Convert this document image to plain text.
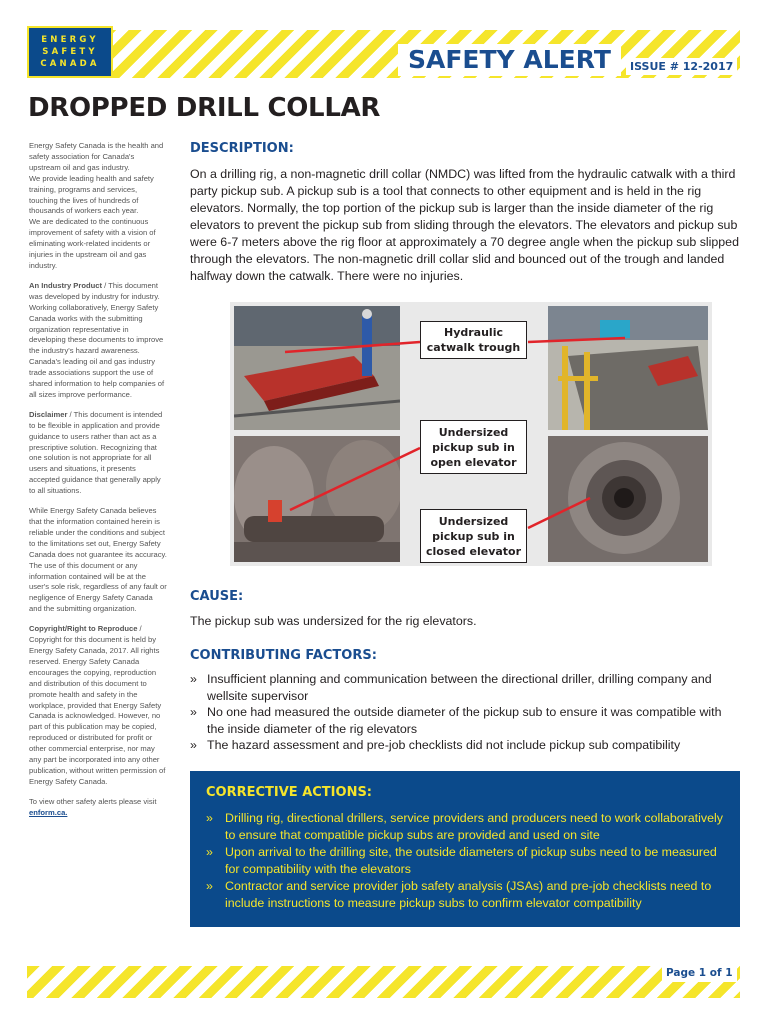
ENERGY
SAFETY
CANADA	SAFETY ALERT	ISSUE # 12-2017
DROPPED DRILL COLLAR

Energy Safety Canada is the health and safety association for Canada's upstream oil and gas industry.

We provide leading health and safety training, programs and services, touching the lives of hundreds of thousands of workers each year.

We are dedicated to the continuous improvement of safety with a vision of eliminating work-related incidents or injuries in the upstream oil and gas industry.

An Industry Product / This document was developed by industry for industry. Working collaboratively, Energy Safety Canada works with the submitting organization representative in developing these documents to improve the industry's hazard awareness. Canada's leading oil and gas industry trade associations support the use of shared information to help companies of all sizes improve performance.

Disclaimer / This document is intended to be flexible in application and provide guidance to users rather than act as a prescriptive solution. Recognizing that one solution is not appropriate for all users and situations, it presents accepted guidance that generally apply to all situations.

While Energy Safety Canada believes that the information contained herein is reliable under the conditions and subject to the limitations set out, Energy Safety Canada does not guarantee its accuracy. The use of this document or any information contained will be at the user's sole risk, regardless of any fault or negligence of Energy Safety Canada and the submitting organization.

Copyright/Right to Reproduce / Copyright for this document is held by Energy Safety Canada, 2017. All rights reserved. Energy Safety Canada encourages the copying, reproduction and distribution of this document to promote health and safety in the workplace, provided that Energy Safety Canada is acknowledged. However, no part of this publication may be copied, reproduced or distributed for profit or other commercial enterprise, nor may any part be incorporated into any other publication, without written permission of Energy Safety Canada.

To view other safety alerts please visit enform.ca.

DESCRIPTION:

On a drilling rig, a non-magnetic drill collar (NMDC) was lifted from the hydraulic catwalk with a third party pickup sub. A pickup sub is a tool that connects to other equipment and is held in the rig elevators. Normally, the top portion of the pickup sub is larger than the inside diameter of the rig elevators to prevent the pickup sub from sliding through the elevators. The elevators and pickup sub were 6-7 meters above the rig floor at approximately a 70 degree angle when the pickup sub slipped through the elevators. The non-magnetic drill collar slid and bounced out of the trough and landed halfway down the catwalk. There were no injuries.

Hydraulic catwalk trough
Undersized pickup sub in open elevator
Undersized pickup sub in closed elevator
CAUSE:

The pickup sub was undersized for the rig elevators.

CONTRIBUTING FACTORS:
» Insufficient planning and communication between the directional driller, drilling company and wellsite supervisor
» No one had measured the outside diameter of the pickup sub to ensure it was compatible with the inside diameter of the rig elevators
» The hazard assessment and pre-job checklists did not include pickup sub compatibility
CORRECTIVE ACTIONS:
» Drilling rig, directional drillers, service providers and producers need to work collaboratively to ensure that compatible pickup subs are provided and used on site
» Upon arrival to the drilling site, the outside diameters of pickup subs need to be measured for compatibility with the elevators
» Contractor and service provider job safety analysis (JSAs) and pre-job checklists need to include instructions to measure pickup subs to confirm elevator compatibility
Page 1 of 1
